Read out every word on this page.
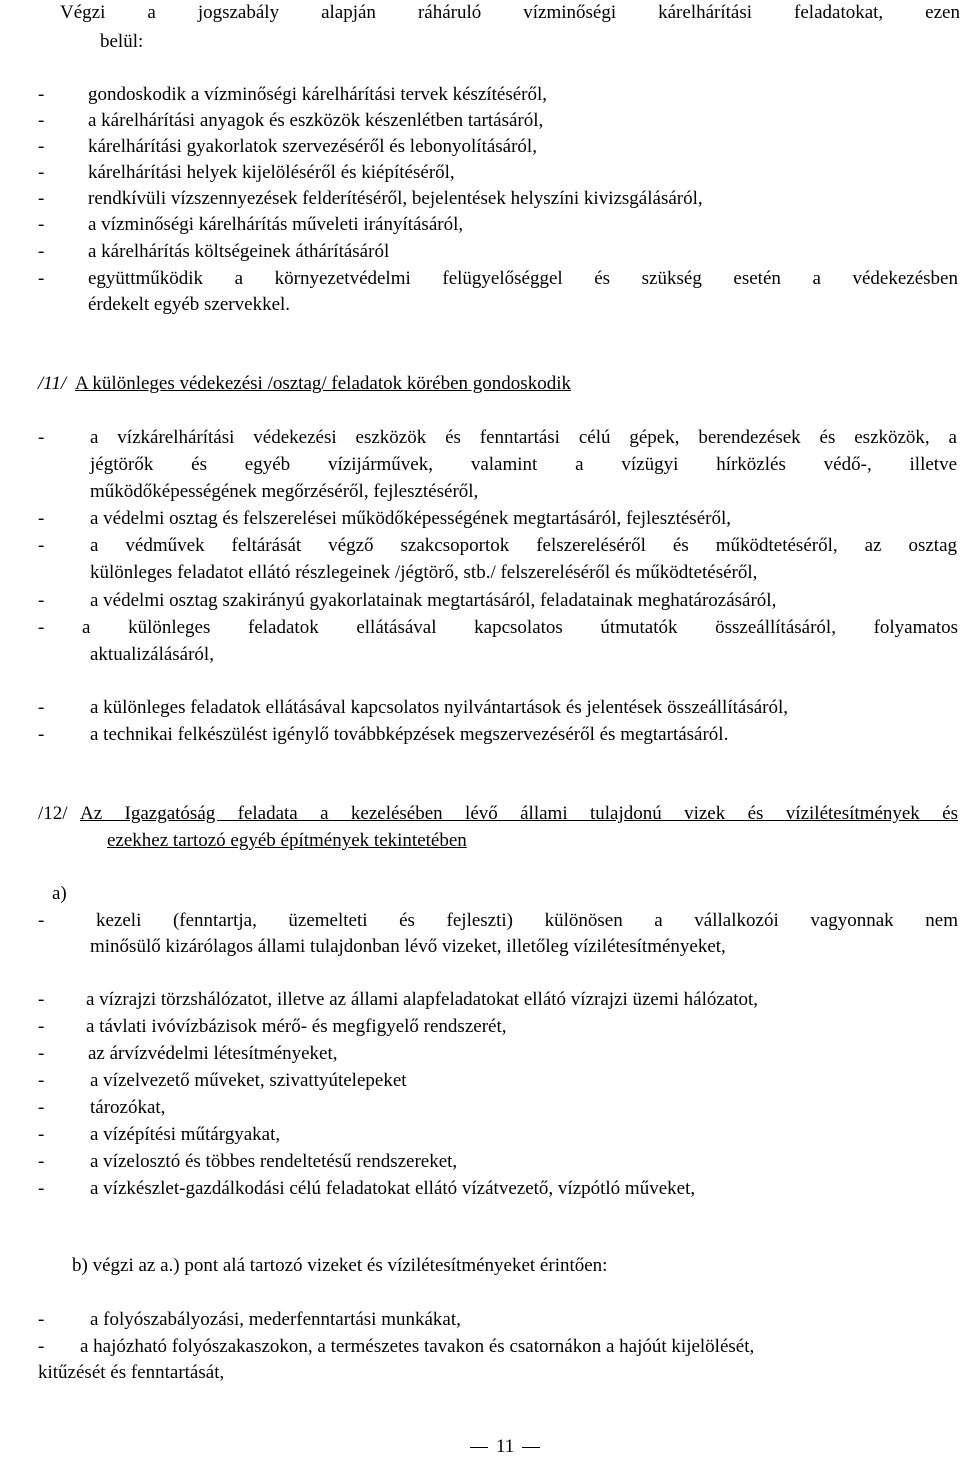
Végzi a jogszabály alapján ráháruló vízminőségi kárelhárítási feladatokat, ezen
belül:
- gondoskodik a vízminőségi kárelhárítási tervek készítéséről,
- a kárelhárítási anyagok és eszközök készenlétben tartásáról,
- kárelhárítási gyakorlatok szervezéséről és lebonyolításáról,
- kárelhárítási helyek kijelöléséről és kiépítéséről,
- rendkívüli vízszennyezések felderítéséről, bejelentések helyszíni kivizsgálásáról,
- a vízminőségi kárelhárítás műveleti irányításáról,
- a kárelhárítás költségeinek áthárításáról
- együttműködik a környezetvédelmi felügyelőséggel és szükség esetén a védekezésben
érdekelt egyéb szervekkel.
/11/ A különleges védekezési /osztag/ feladatok körében gondoskodik
- a vízkárelhárítási védekezési eszközök és fenntartási célú gépek, berendezések és eszközök, a
jégtörők és egyéb vízijárművek, valamint a vízügyi hírközlés védő-, illetve
működőképességének megőrzéséről, fejlesztéséről,
- a védelmi osztag és felszerelései működőképességének megtartásáról, fejlesztéséről,
- a védművek feltárását végző szakcsoportok felszereléséről és működtetéséről, az osztag
különleges feladatot ellátó részlegeinek /jégtörő, stb./ felszereléséről és működtetéséről,
- a védelmi osztag szakirányú gyakorlatainak megtartásáról, feladatainak meghatározásáról,
- a különleges feladatok ellátásával kapcsolatos útmutatók összeállításáról, folyamatos
aktualizálásáról,
- a különleges feladatok ellátásával kapcsolatos nyilvántartások és jelentések összeállításáról,
- a technikai felkészülést igénylő továbbképzések megszervezéséről és megtartásáról.
/12/ Az Igazgatóság feladata a kezelésében lévő állami tulajdonú vizek és vízilétesítmények és
ezekhez tartozó egyéb építmények tekintetében
a)
-	kezeli (fenntartja, üzemelteti és fejleszti) különösen a vállalkozói vagyonnak nem
minősülő kizárólagos állami tulajdonban lévő vizeket, illetőleg vízilétesítményeket,
- a vízrajzi törzshálózatot, illetve az állami alapfeladatokat ellátó vízrajzi üzemi hálózatot,
- a távlati ivóvízbázisok mérő- és megfigyelő rendszerét,
- az árvízvédelmi létesítményeket,
- a vízelvezető műveket, szivattyútelepeket
- tározókat,
- a vízépítési műtárgyakat,
- a vízelosztó és többes rendeltetésű rendszereket,
- a vízkészlet-gazdálkodási célú feladatokat ellátó vízátvezető, vízpótló műveket,
b) végzi az a.) pont alá tartozó vizeket és vízilétesítményeket érintően:
- a folyószabályozási, mederfenntartási munkákat,
- a hajózható folyószakaszokon, a természetes tavakon és csatornákon a hajóút kijelölését,
kitűzését és fenntartását,
11
